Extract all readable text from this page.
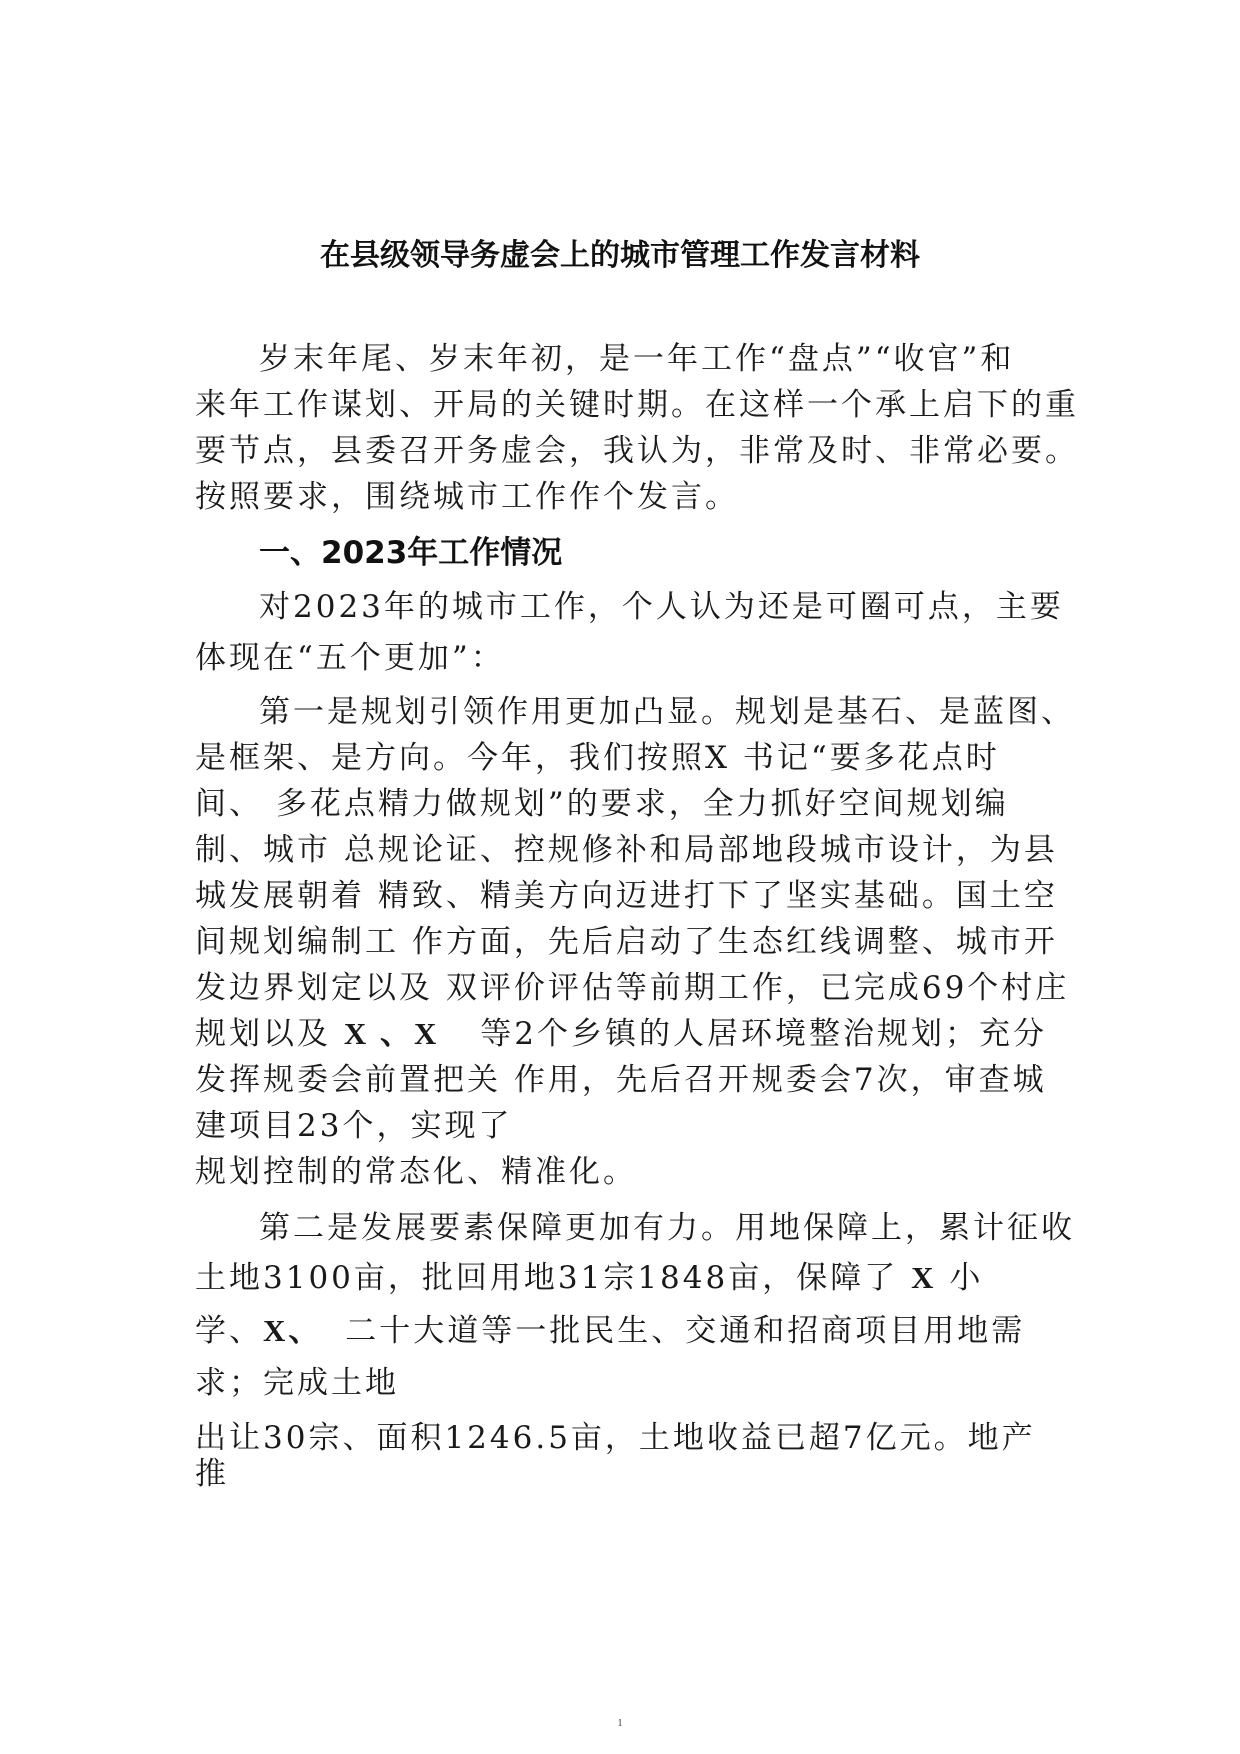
在县级领导务虚会上的城市管理工作发言材料
岁末年尾、岁末年初，是一年工作“盘点”“收官”和
来年工作谋划、开局的关键时期。在这样一个承上启下的重
要节点，县委召开务虚会，我认为，非常及时、非常必要。
按照要求，围绕城市工作作个发言。
一、2023年工作情况
对2023年的城市工作，个人认为还是可圈可点，主要
体现在“五个更加”：
第一是规划引领作用更加凸显。规划是基石、是蓝图、
是框架、是方向。今年，我们按照X 书记“要多花点时
间、 多花点精力做规划”的要求，全力抓好空间规划编
制、城市 总规论证、控规修补和局部地段城市设计，为县
城发展朝着 精致、精美方向迈进打下了坚实基础。国土空
间规划编制工 作方面，先后启动了生态红线调整、城市开
发边界划定以及 双评价评估等前期工作，已完成69个村庄
规划以及 X 、X 等2个乡镇的人居环境整治规划；充分
发挥规委会前置把关 作用，先后召开规委会7次，审查城
建项目23个，实现了
规划控制的常态化、精准化。
第二是发展要素保障更加有力。用地保障上，累计征收
土地3100亩，批回用地31宗1848亩，保障了 X 小
学、X、 二十大道等一批民生、交通和招商项目用地需
求；完成土地
出让30宗、面积1246.5亩，土地收益已超7亿元。地产
推
1
